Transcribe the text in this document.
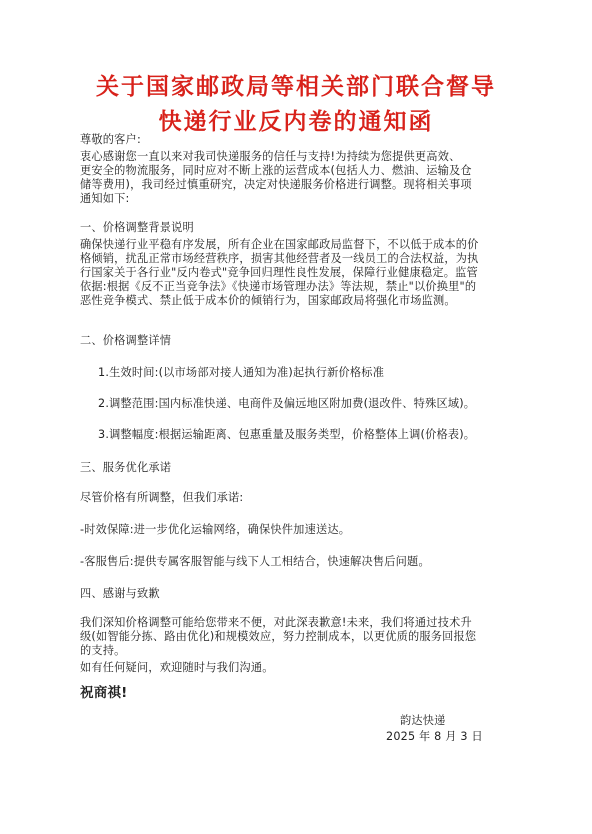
关于国家邮政局等相关部门联合督导
快递行业反内卷的通知函
尊敬的客户:
衷心感谢您一直以来对我司快递服务的信任与支持!为持续为您提供更高效、
更安全的物流服务，同时应对不断上涨的运营成本(包括人力、燃油、运输及仓
储等费用)，我司经过慎重研究，决定对快递服务价格进行调整。现将相关事项
通知如下:
一、价格调整背景说明
确保快递行业平稳有序发展，所有企业在国家邮政局监督下，不以低于成本的价
格倾销，扰乱正常市场经营秩序，损害其他经营者及一线员工的合法权益，为执
行国家关于各行业"反内卷式"竞争回归理性良性发展，保障行业健康稳定。监管
依据:根据《反不正当竞争法》《快递市场管理办法》等法规，禁止"以价换里"的
恶性竞争模式、禁止低于成本价的倾销行为，国家邮政局将强化市场监测。
二、价格调整详情
1.生效时间:(以市场部对接人通知为准)起执行新价格标准
2.调整范围:国内标准快递、电商件及偏远地区附加费(退改件、特殊区域)。
3.调整幅度:根据运输距离、包惠重量及服务类型，价格整体上调(价格表)。
三、服务优化承诺
尽管价格有所调整，但我们承诺:
-时效保障:进一步优化运输网络，确保快件加速送达。
-客服售后:提供专属客服智能与线下人工相结合，快速解决售后问题。
四、感谢与致歉
我们深知价格调整可能给您带来不便，对此深表歉意!未来，我们将通过技术升
级(如智能分拣、路由优化)和规模效应，努力控制成本，以更优质的服务回报您
的支持。
如有任何疑问，欢迎随时与我们沟通。
祝商祺!
韵达快递
2025 年 8 月 3 日
